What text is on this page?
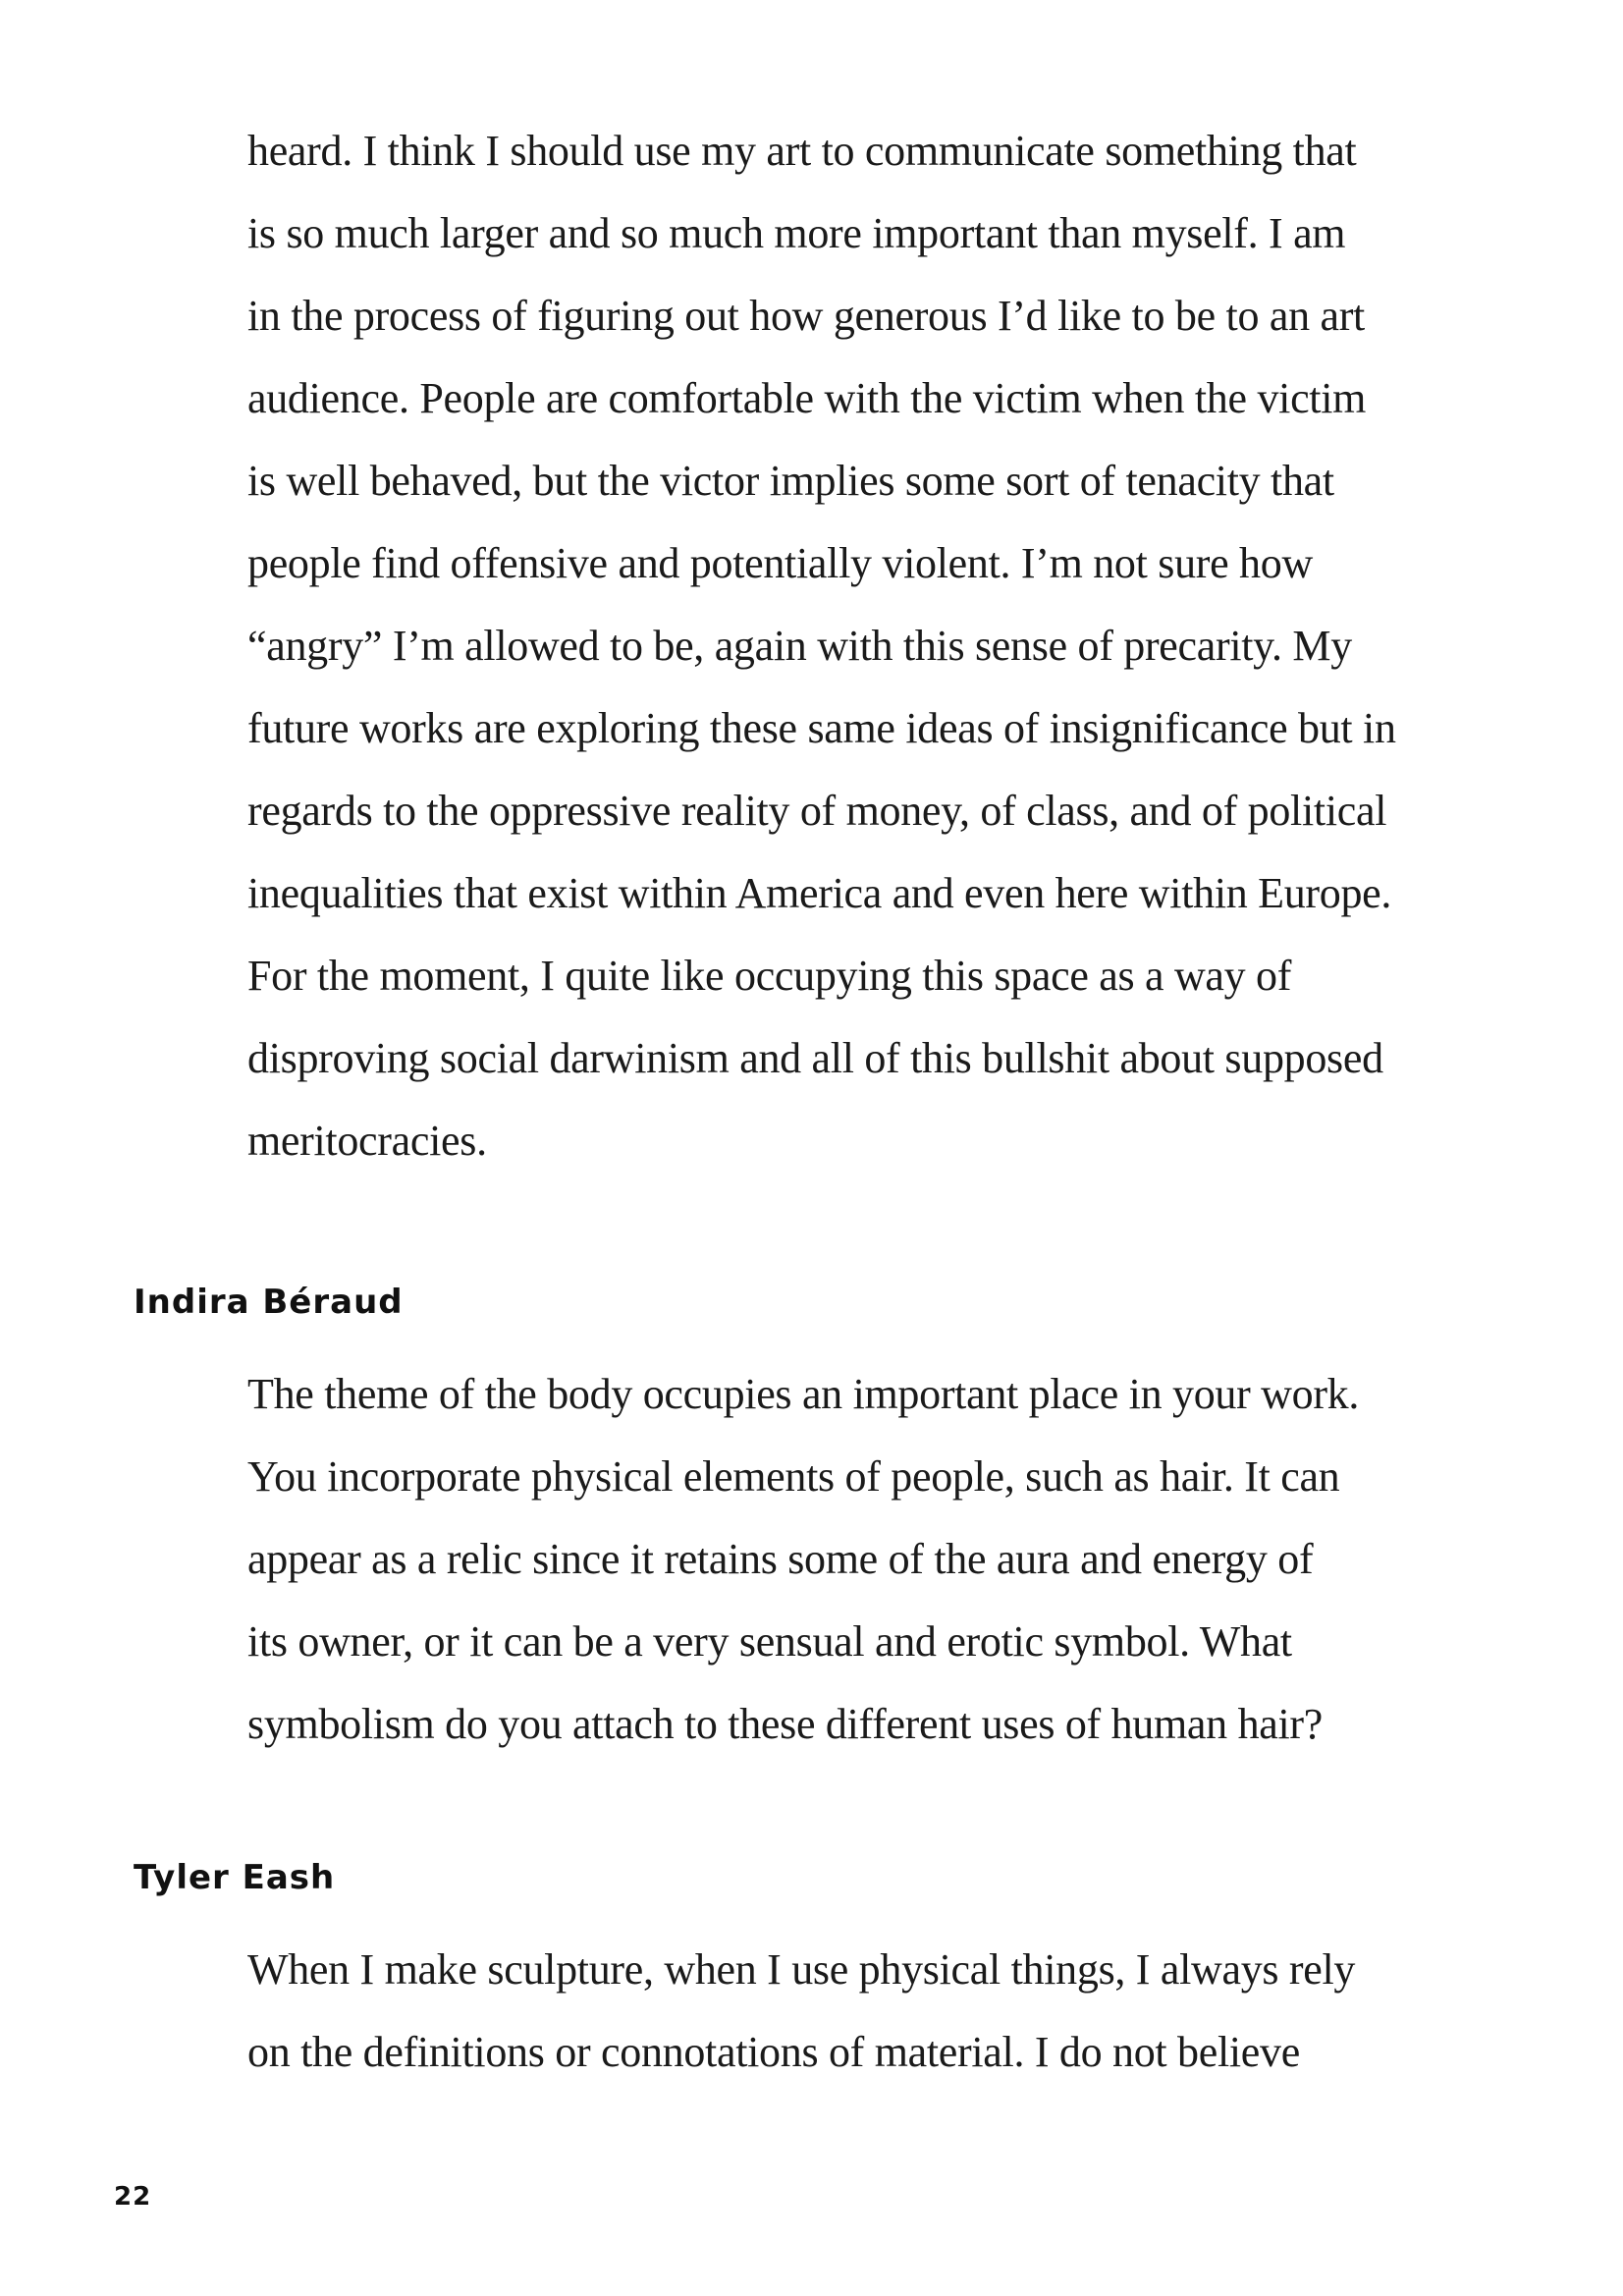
heard. I think I should use my art to communicate something that
is so much larger and so much more important than myself. I am
in the process of figuring out how generous I’d like to be to an art
audience. People are comfortable with the victim when the victim
is well behaved, but the victor implies some sort of tenacity that
people find offensive and potentially violent. I’m not sure how
“angry” I’m allowed to be, again with this sense of precarity. My
future works are exploring these same ideas of insignificance but in
regards to the oppressive reality of money, of class, and of political
inequalities that exist within America and even here within Europe.
For the moment, I quite like occupying this space as a way of
disproving social darwinism and all of this bullshit about supposed
meritocracies.
Indira Béraud
The theme of the body occupies an important place in your work.
You incorporate physical elements of people, such as hair. It can
appear as a relic since it retains some of the aura and energy of
its owner, or it can be a very sensual and erotic symbol. What
symbolism do you attach to these different uses of human hair?
Tyler Eash
When I make sculpture, when I use physical things, I always rely
on the definitions or connotations of material. I do not believe
22
